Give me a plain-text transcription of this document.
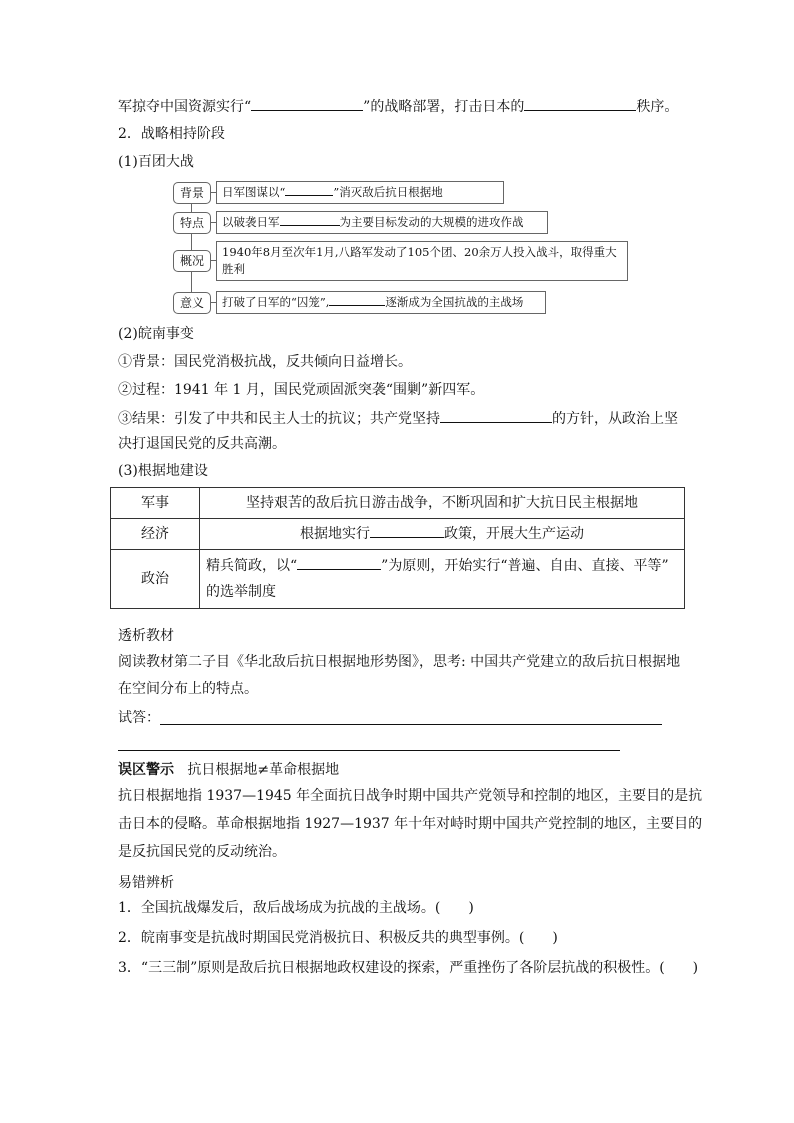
军掠夺中国资源实行“	”的战略部署，打击日本的	秩序。
2．战略相持阶段
(1)百团大战
背景	日军图谋以“	”消灭敌后抗日根据地
特点	以破袭日军	为主要目标发动的大规模的进攻作战
概况
1940年8月至次年1月,八路军发动了105个团、20余万人投入战斗，取得重大
胜利
意义	打破了日军的“囚笼”,	逐渐成为全国抗战的主战场
(2)皖南事变
①背景：国民党消极抗战，反共倾向日益增长。
②过程：1941 年 1 月，国民党顽固派突袭“围剿”新四军。
③结果：引发了中共和民主人士的抗议；共产党坚持	的方针，从政治上坚
决打退国民党的反共高潮。
(3)根据地建设
军事	坚持艰苦的敌后抗日游击战争，不断巩固和扩大抗日民主根据地
经济	根据地实行 政策，开展大生产运动
政治	精兵简政，以“ ”为原则，开始实行“普遍、自由、直接、平等”
的选举制度
透析教材
阅读教材第二子目《华北敌后抗日根据地形势图》，思考: 中国共产党建立的敌后抗日根据地
在空间分布上的特点。
试答：
误区警示 抗日根据地≠革命根据地
抗日根据地指 1937—1945 年全面抗日战争时期中国共产党领导和控制的地区，主要目的是抗
击日本的侵略。革命根据地指 1927—1937 年十年对峙时期中国共产党控制的地区，主要目的
是反抗国民党的反动统治。
易错辨析
1．全国抗战爆发后，敌后战场成为抗战的主战场。(　　)
2．皖南事变是抗战时期国民党消极抗日、积极反共的典型事例。(　　)
3．“三三制”原则是敌后抗日根据地政权建设的探索，严重挫伤了各阶层抗战的积极性。(　　)
